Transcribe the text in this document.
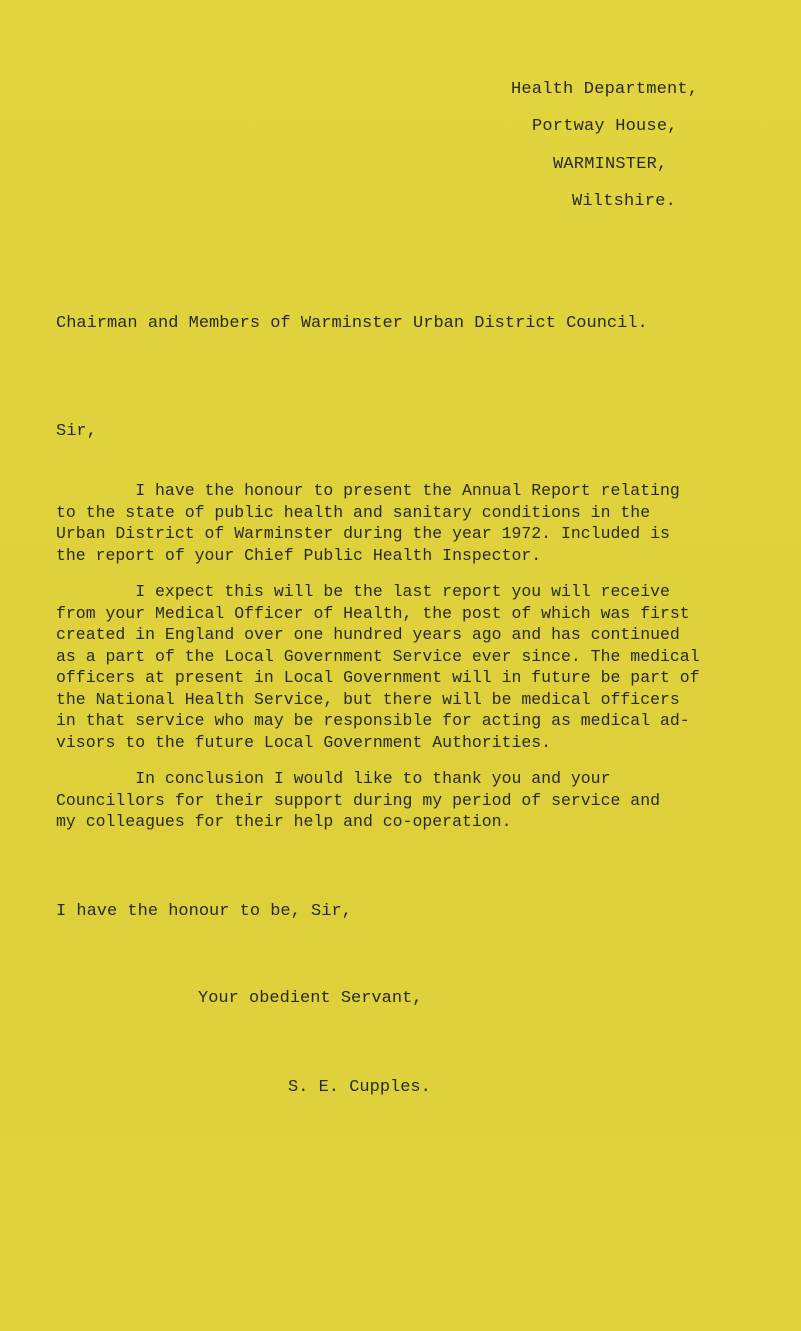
Health Department,
Portway House,
WARMINSTER,
Wiltshire.
Chairman and Members of Warminster Urban District Council.
Sir,
I have the honour to present the Annual Report relating
to the state of public health and sanitary conditions in the
Urban District of Warminster during the year 1972. Included is
the report of your Chief Public Health Inspector.
I expect this will be the last report you will receive
from your Medical Officer of Health, the post of which was first
created in England over one hundred years ago and has continued
as a part of the Local Government Service ever since. The medical
officers at present in Local Government will in future be part of
the National Health Service, but there will be medical officers
in that service who may be responsible for acting as medical ad-
visors to the future Local Government Authorities.
In conclusion I would like to thank you and your
Councillors for their support during my period of service and
my colleagues for their help and co-operation.
I have the honour to be, Sir,
Your obedient Servant,
S. E. Cupples.
